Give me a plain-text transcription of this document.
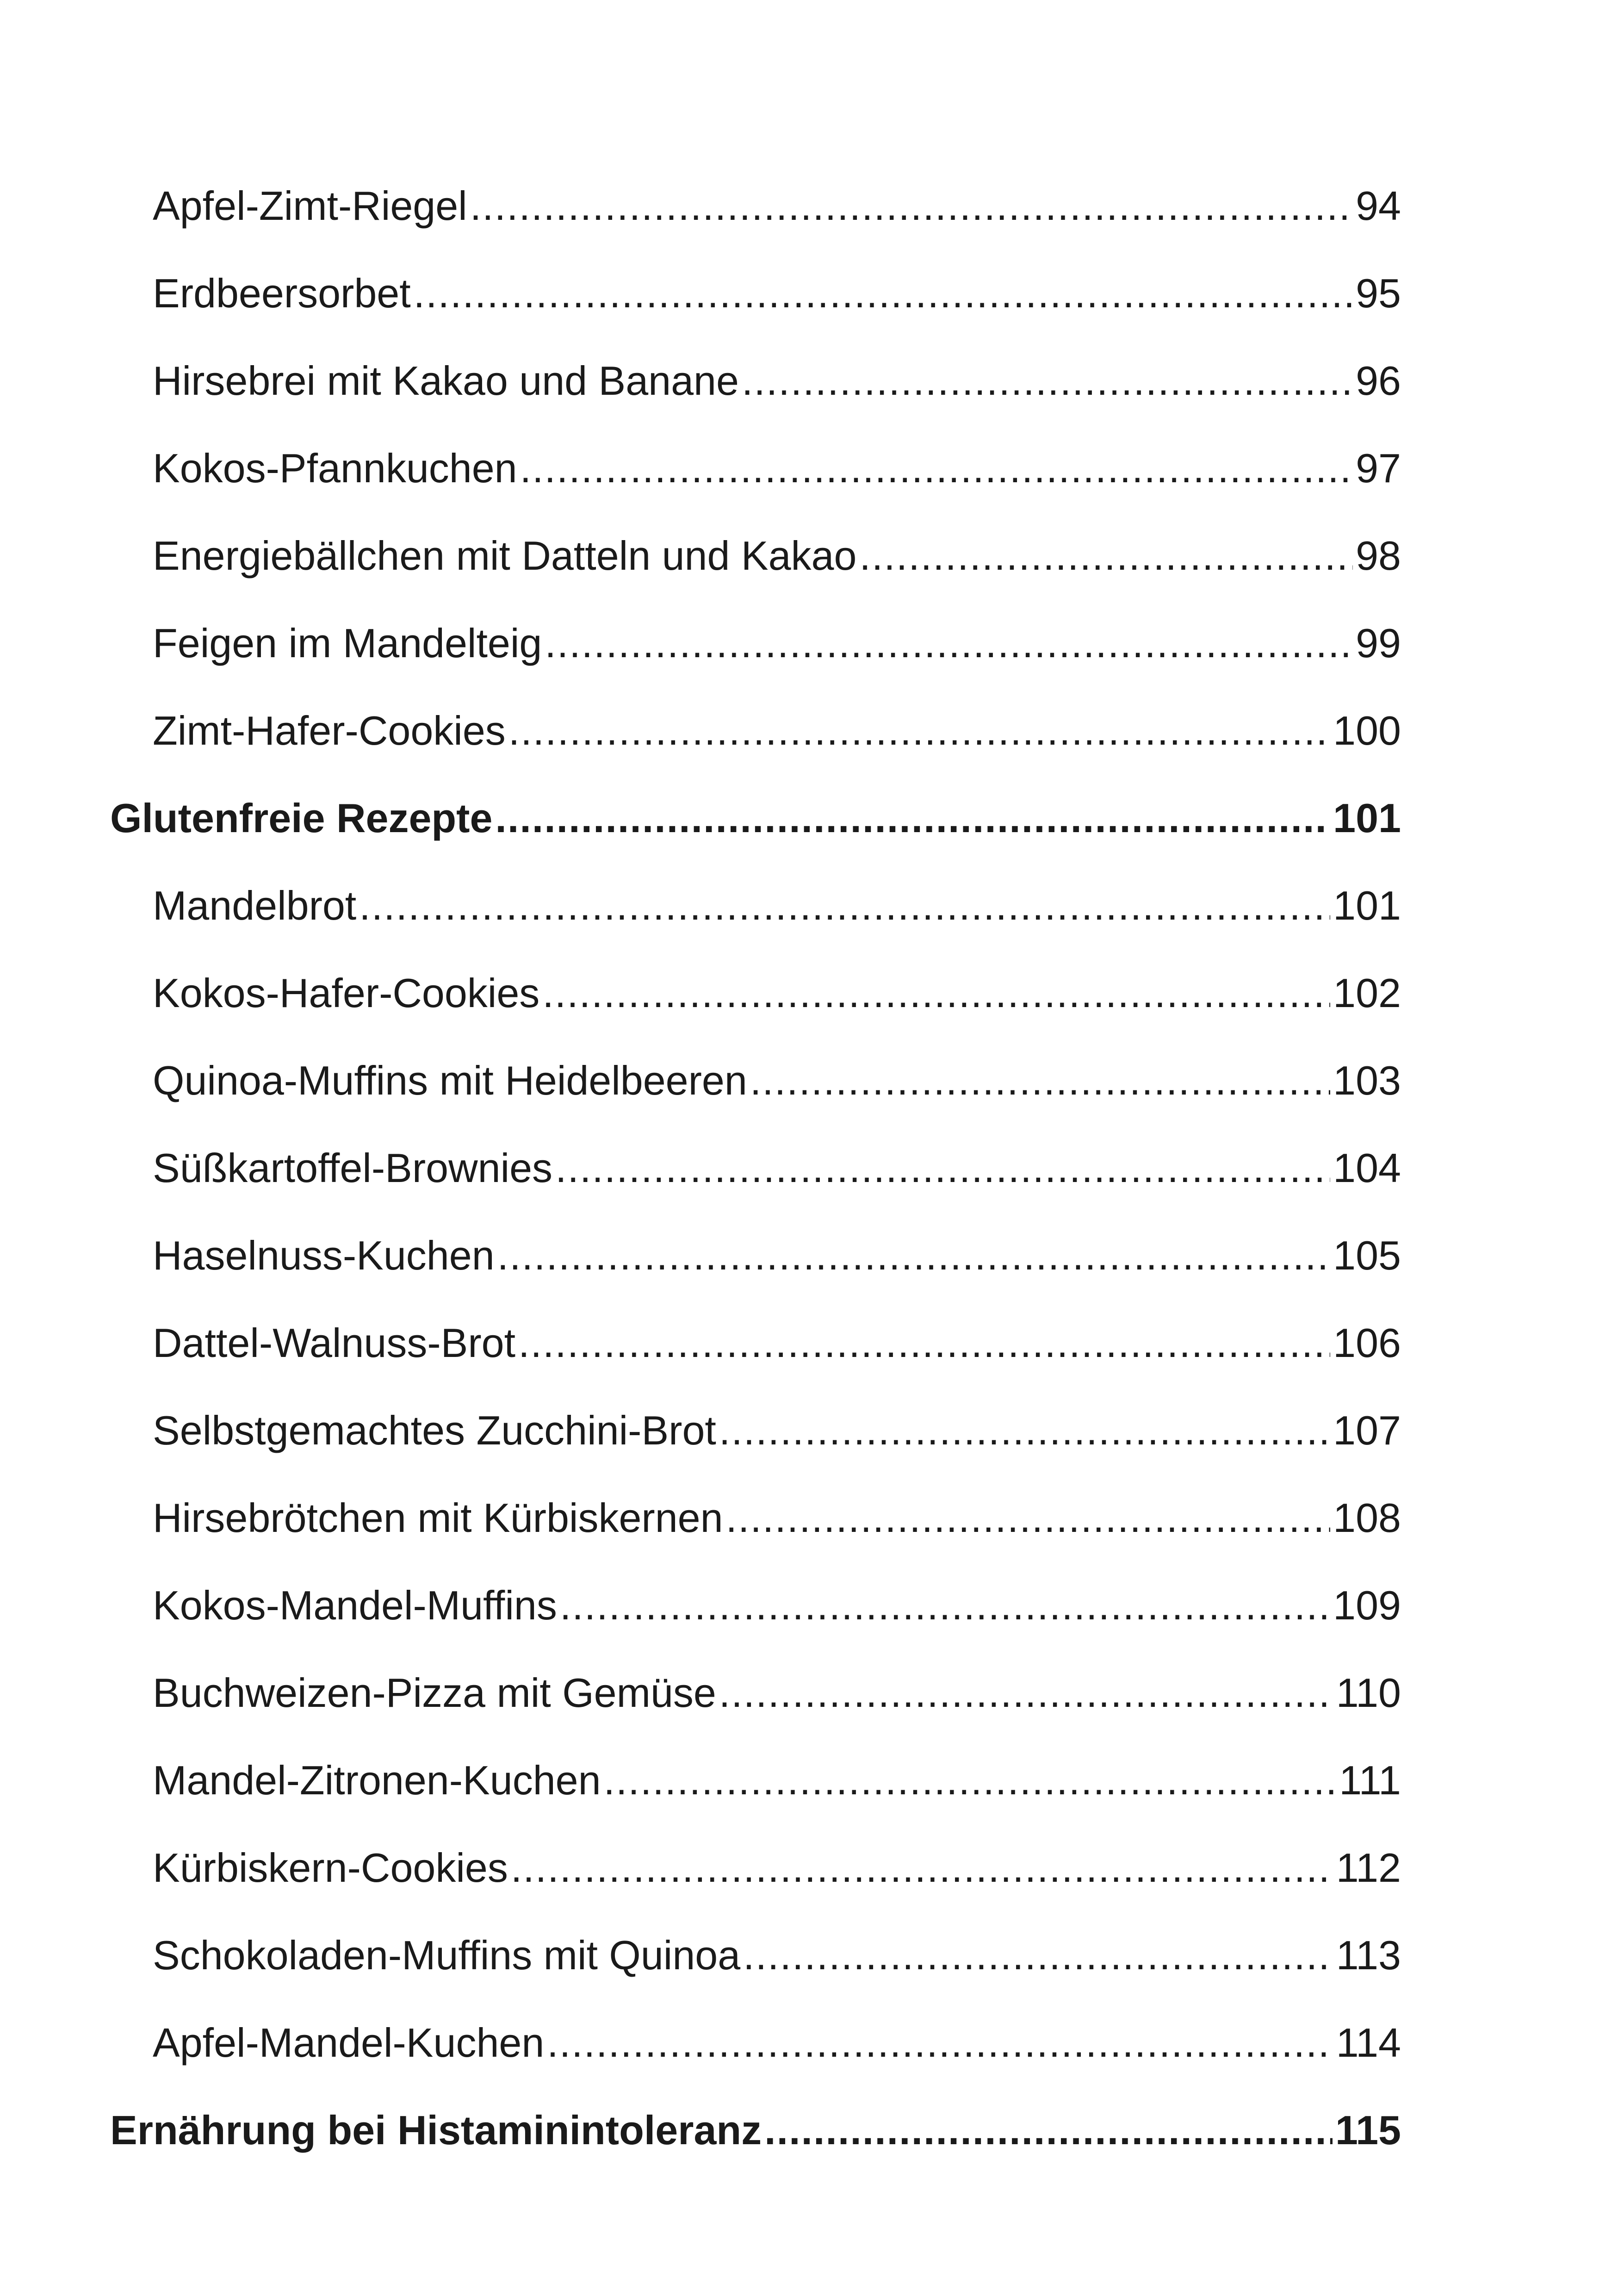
Apfel-Zimt-Riegel .....	94
Erdbeersorbet .....	95
Hirsebrei mit Kakao und Banane .....	96
Kokos-Pfannkuchen .....	97
Energiebällchen mit Datteln und Kakao .....	98
Feigen im Mandelteig .....	99
Zimt-Hafer-Cookies .....	100
Glutenfreie Rezepte .....	101
Mandelbrot .....	101
Kokos-Hafer-Cookies .....	102
Quinoa-Muffins mit Heidelbeeren .....	103
Süßkartoffel-Brownies .....	104
Haselnuss-Kuchen .....	105
Dattel-Walnuss-Brot .....	106
Selbstgemachtes Zucchini-Brot .....	107
Hirsebrötchen mit Kürbiskernen .....	108
Kokos-Mandel-Muffins .....	109
Buchweizen-Pizza mit Gemüse .....	110
Mandel-Zitronen-Kuchen .....	111
Kürbiskern-Cookies .....	112
Schokoladen-Muffins mit Quinoa .....	113
Apfel-Mandel-Kuchen .....	114
Ernährung bei Histaminintoleranz .....	115
